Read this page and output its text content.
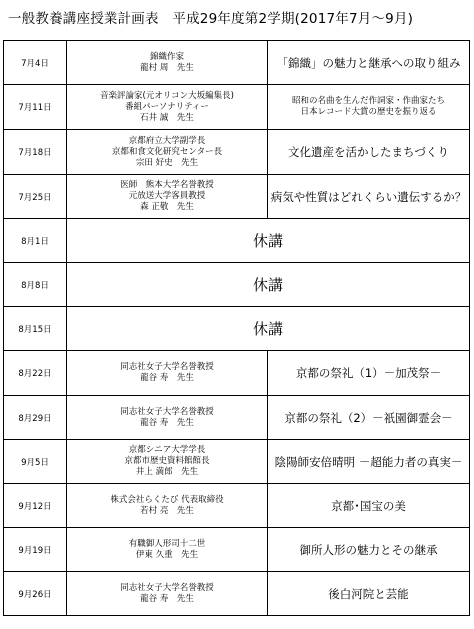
一般教養講座授業計画表　平成29年度第2学期(2017年7月～9月)
7月4日	錦織作家
龍村 周　先生	「錦織」の魅力と継承への取り組み

7月11日	音楽評論家(元オリコン大坂編集長)
番組パーソナリティー
石井 誠　先生	昭和の名曲を生んだ作詞家・作曲家たち
日本レコード大賞の歴史を振り返る

7月18日	京都府立大学副学長
京都和食文化研究センター長
宗田 好史　先生	文化遺産を活かしたまちづくり

7月25日	医師　熊本大学名誉教授
元放送大学客員教授
森 正敬　先生	病気や性質はどれくらい遺伝するか？

8月1日	休講	
8月8日	休講	
8月15日	休講	
8月22日	同志社女子大学名誉教授
龍谷 寿　先生	京都の祭礼（1）－加茂祭－

8月29日	同志社女子大学名誉教授
龍谷 寿　先生	京都の祭礼（2）－祇園御霊会－

9月5日	京都シニア大学学長
京都市歴史資料館館長
井上 満郎　先生	陰陽師安倍晴明 －超能力者の真実－

9月12日	株式会社らくたび 代表取締役
若村 亮　先生	京都･国宝の美

9月19日	有職御人形司十二世
伊東 久重　先生	御所人形の魅力とその継承

9月26日	同志社女子大学名誉教授
龍谷 寿　先生	後白河院と芸能
